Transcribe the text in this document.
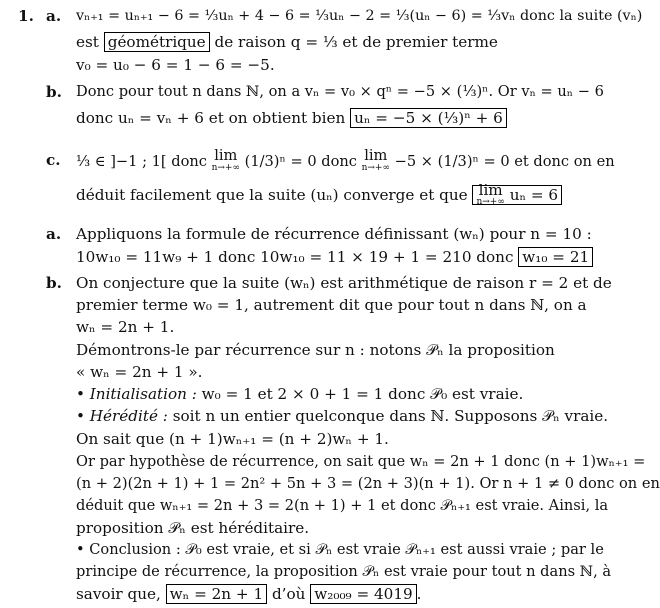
1. a. vₙ₊₁ = uₙ₊₁ − 6 = ⅓uₙ + 4 − 6 = ⅓uₙ − 2 = ⅓(uₙ − 6) = ⅓vₙ donc la suite (vₙ)
est géométrique de raison q = ⅓ et de premier terme
v₀ = u₀ − 6 = 1 − 6 = −5.
b. Donc pour tout n dans ℕ, on a vₙ = v₀ × qⁿ = −5 × (⅓)ⁿ. Or vₙ = uₙ − 6
donc uₙ = vₙ + 6 et on obtient bien uₙ = −5 × (⅓)ⁿ + 6
c. ⅓ ∈ ]−1 ; 1[ donc lim
n→+∞ (1/3)ⁿ = 0 donc lim
n→+∞ −5 × (1/3)ⁿ = 0 et donc on en
déduit facilement que la suite (uₙ) converge et que lim
n→+∞ uₙ = 6
a. Appliquons la formule de récurrence définissant (wₙ) pour n = 10 :
10w₁₀ = 11w₉ + 1 donc 10w₁₀ = 11 × 19 + 1 = 210 donc w₁₀ = 21
b. On conjecture que la suite (wₙ) est arithmétique de raison r = 2 et de
premier terme w₀ = 1, autrement dit que pour tout n dans ℕ, on a
wₙ = 2n + 1.
Démontrons-le par récurrence sur n : notons 𝒫ₙ la proposition
« wₙ = 2n + 1 ».
• Initialisation : w₀ = 1 et 2 × 0 + 1 = 1 donc 𝒫₀ est vraie.
• Hérédité : soit n un entier quelconque dans ℕ. Supposons 𝒫ₙ vraie.
On sait que (n + 1)wₙ₊₁ = (n + 2)wₙ + 1.
Or par hypothèse de récurrence, on sait que wₙ = 2n + 1 donc (n + 1)wₙ₊₁ =
(n + 2)(2n + 1) + 1 = 2n² + 5n + 3 = (2n + 3)(n + 1). Or n + 1 ≠ 0 donc on en
déduit que wₙ₊₁ = 2n + 3 = 2(n + 1) + 1 et donc 𝒫ₙ₊₁ est vraie. Ainsi, la
proposition 𝒫ₙ est héréditaire.
• Conclusion : 𝒫₀ est vraie, et si 𝒫ₙ est vraie 𝒫ₙ₊₁ est aussi vraie ; par le
principe de récurrence, la proposition 𝒫ₙ est vraie pour tout n dans ℕ, à
savoir que, wₙ = 2n + 1 d’où w₂₀₀₉ = 4019 .
